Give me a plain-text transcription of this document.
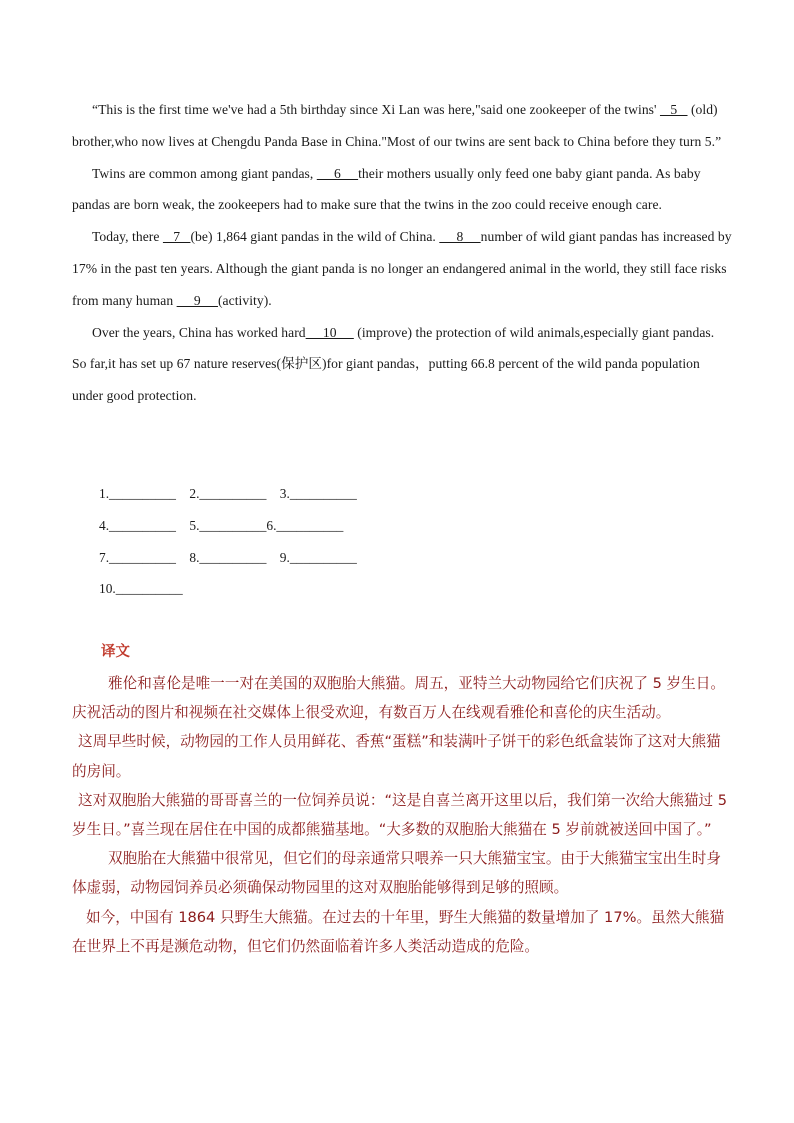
“This is the first time we've had a 5th birthday since Xi Lan was here,"said one zookeeper of the twins'    5    (old) brother,who now lives at Chengdu Panda Base in China."Most of our twins are sent back to China before they turn 5.”

Twins are common among giant pandas,      6     their mothers usually only feed one baby giant panda. As baby pandas are born weak, the zookeepers had to make sure that the twins in the zoo could receive enough care.

Today, there    7   (be) 1,864 giant pandas in the wild of China.      8     number of wild giant pandas has increased by 17% in the past ten years. Although the giant panda is no longer an endangered animal in the world, they still face risks from many human      9     (activity).

Over the years, China has worked hard     10      (improve) the protection of wild animals,especially giant pandas. So far,it has set up 67 nature reserves(保护区)for giant pandas，putting 66.8 percent of the wild panda population under good protection.

1.__________    2.__________    3.__________
4.__________    5.__________6.__________
7.__________    8.__________    9.__________
10.__________
译文

雅伦和喜伦是唯一一对在美国的双胞胎大熊猫。周五，亚特兰大动物园给它们庆祝了 5 岁生日。庆祝活动的图片和视频在社交媒体上很受欢迎，有数百万人在线观看雅伦和喜伦的庆生活动。

这周早些时候，动物园的工作人员用鲜花、香蕉“蛋糕”和装满叶子饼干的彩色纸盒装饰了这对大熊猫的房间。

这对双胞胎大熊猫的哥哥喜兰的一位饲养员说：“这是自喜兰离开这里以后，我们第一次给大熊猫过 5 岁生日。”喜兰现在居住在中国的成都熊猫基地。“大多数的双胞胎大熊猫在 5 岁前就被送回中国了。”

双胞胎在大熊猫中很常见，但它们的母亲通常只喂养一只大熊猫宝宝。由于大熊猫宝宝出生时身体虚弱，动物园饲养员必须确保动物园里的这对双胞胎能够得到足够的照顾。

如今，中国有 1864 只野生大熊猫。在过去的十年里，野生大熊猫的数量增加了 17%。虽然大熊猫在世界上不再是濒危动物，但它们仍然面临着许多人类活动造成的危险。
